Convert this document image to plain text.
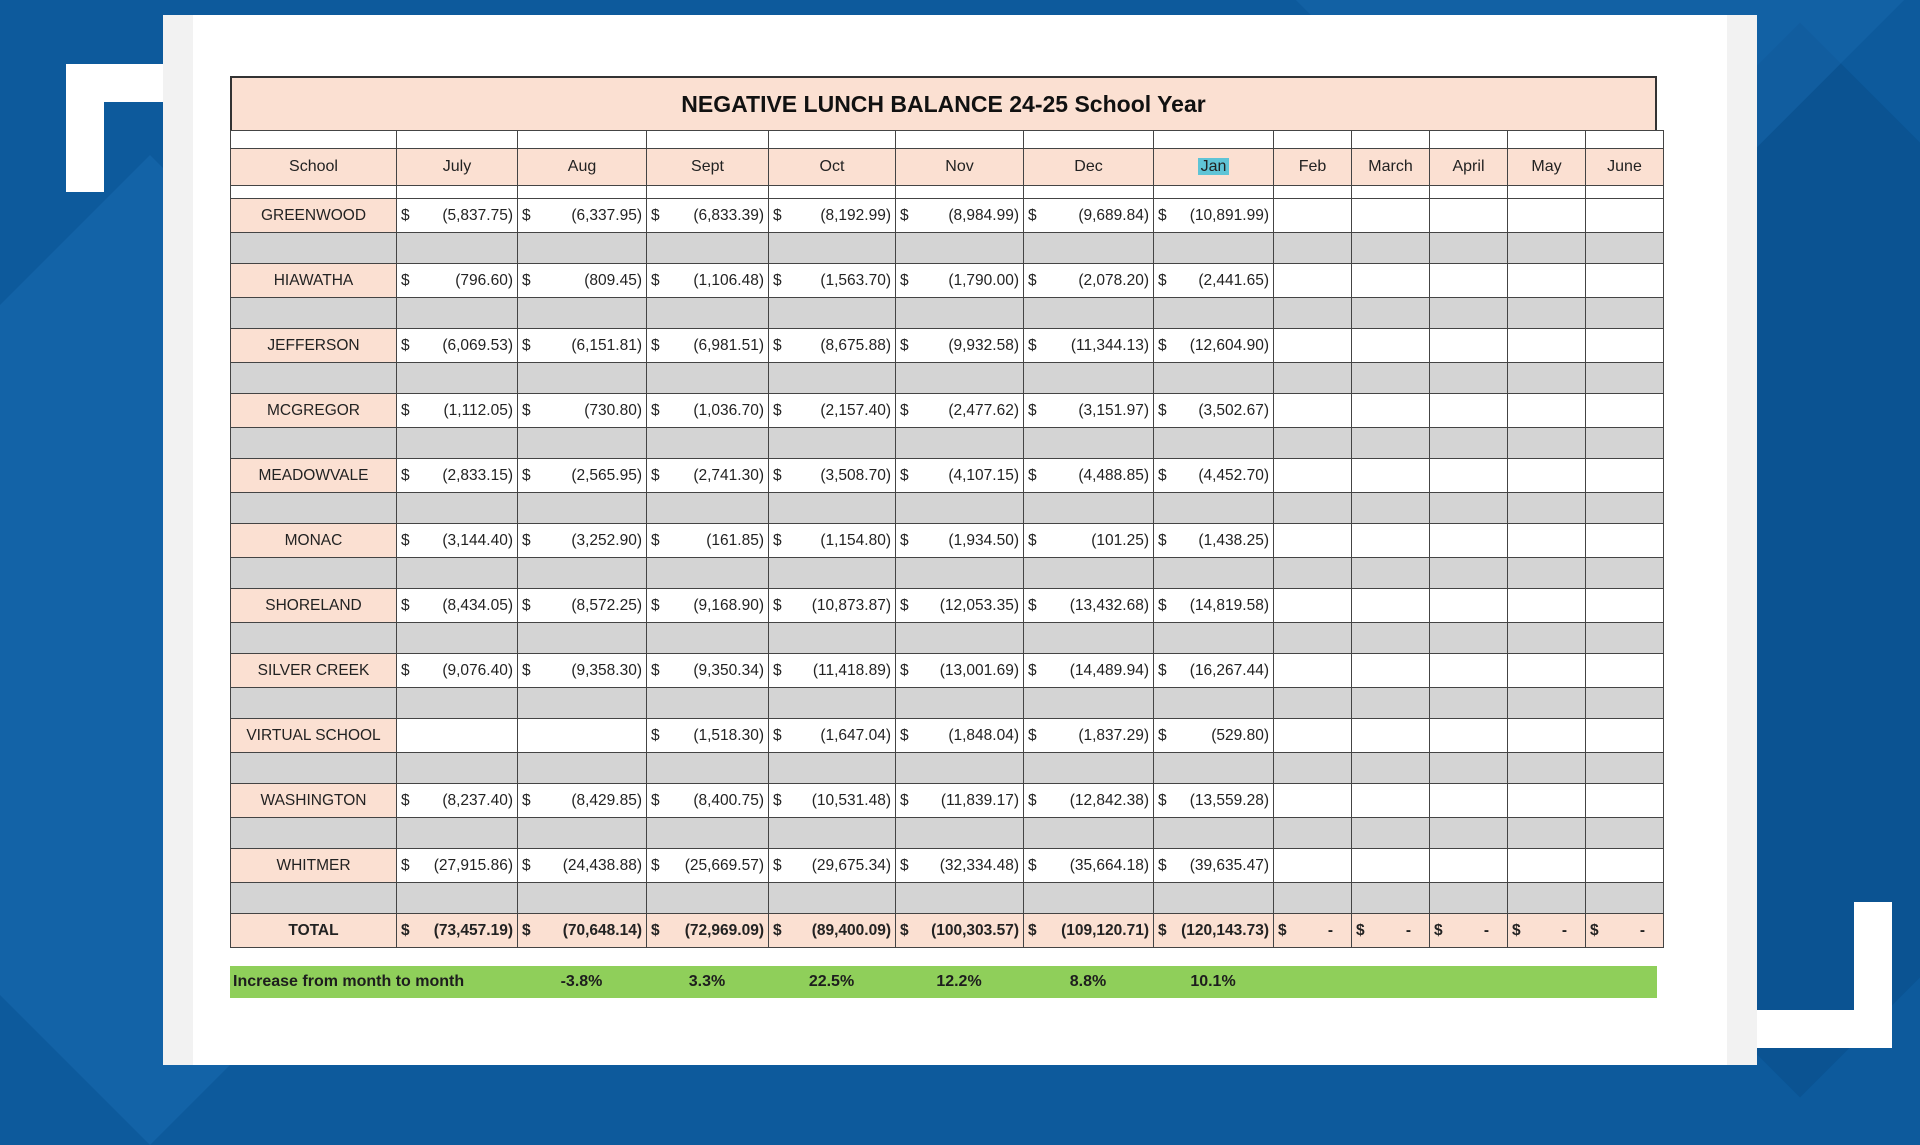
NEGATIVE LUNCH BALANCE 24-25 School Year

School	July	Aug	Sept	Oct	Nov	Dec	Jan	Feb	March	April	May	June

GREENWOOD	$ (5,837.75)	$ (6,337.95)	$ (6,833.39)	$ (8,192.99)	$ (8,984.99)	$ (9,689.84)	$ (10,891.99)					

HIAWATHA	$ (796.60)	$ (809.45)	$ (1,106.48)	$ (1,563.70)	$ (1,790.00)	$ (2,078.20)	$ (2,441.65)					

JEFFERSON	$ (6,069.53)	$ (6,151.81)	$ (6,981.51)	$ (8,675.88)	$ (9,932.58)	$ (11,344.13)	$ (12,604.90)					

MCGREGOR	$ (1,112.05)	$ (730.80)	$ (1,036.70)	$ (2,157.40)	$ (2,477.62)	$ (3,151.97)	$ (3,502.67)					

MEADOWVALE	$ (2,833.15)	$ (2,565.95)	$ (2,741.30)	$ (3,508.70)	$ (4,107.15)	$ (4,488.85)	$ (4,452.70)					

MONAC	$ (3,144.40)	$ (3,252.90)	$ (161.85)	$ (1,154.80)	$ (1,934.50)	$ (101.25)	$ (1,438.25)					

SHORELAND	$ (8,434.05)	$ (8,572.25)	$ (9,168.90)	$ (10,873.87)	$ (12,053.35)	$ (13,432.68)	$ (14,819.58)					

SILVER CREEK	$ (9,076.40)	$ (9,358.30)	$ (9,350.34)	$ (11,418.89)	$ (13,001.69)	$ (14,489.94)	$ (16,267.44)					

VIRTUAL SCHOOL			$ (1,518.30)	$ (1,647.04)	$ (1,848.04)	$ (1,837.29)	$ (529.80)					

WASHINGTON	$ (8,237.40)	$ (8,429.85)	$ (8,400.75)	$ (10,531.48)	$ (11,839.17)	$ (12,842.38)	$ (13,559.28)					

WHITMER	$ (27,915.86)	$ (24,438.88)	$ (25,669.57)	$ (29,675.34)	$ (32,334.48)	$ (35,664.18)	$ (39,635.47)					

TOTAL	$ (73,457.19)	$ (70,648.14)	$ (72,969.09)	$ (89,400.09)	$ (100,303.57)	$ (109,120.71)	$ (120,143.73)	$ -	$ -	$ -	$ -	$ -
Increase from month to month	-3.8%	3.3%	22.5%	12.2%	8.8%	10.1%
